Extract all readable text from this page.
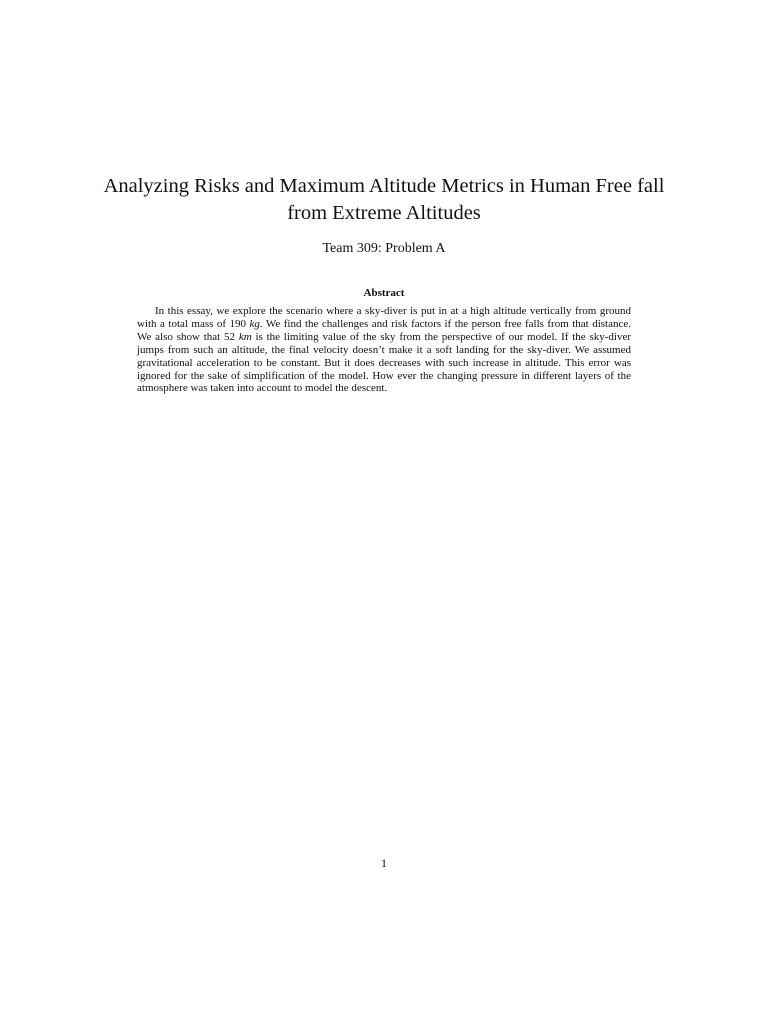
Analyzing Risks and Maximum Altitude Metrics in Human Free fall from Extreme Altitudes

Team 309: Problem A

Abstract

In this essay, we explore the scenario where a sky-diver is put in at a high altitude vertically from ground with a total mass of 190 kg. We find the challenges and risk factors if the person free falls from that distance. We also show that 52 km is the limiting value of the sky from the perspective of our model. If the sky-diver jumps from such an altitude, the final velocity doesn’t make it a soft landing for the sky-diver. We assumed gravitational acceleration to be constant. But it does decreases with such increase in altitude. This error was ignored for the sake of simplification of the model. How ever the changing pressure in different layers of the atmosphere was taken into account to model the descent.

1
